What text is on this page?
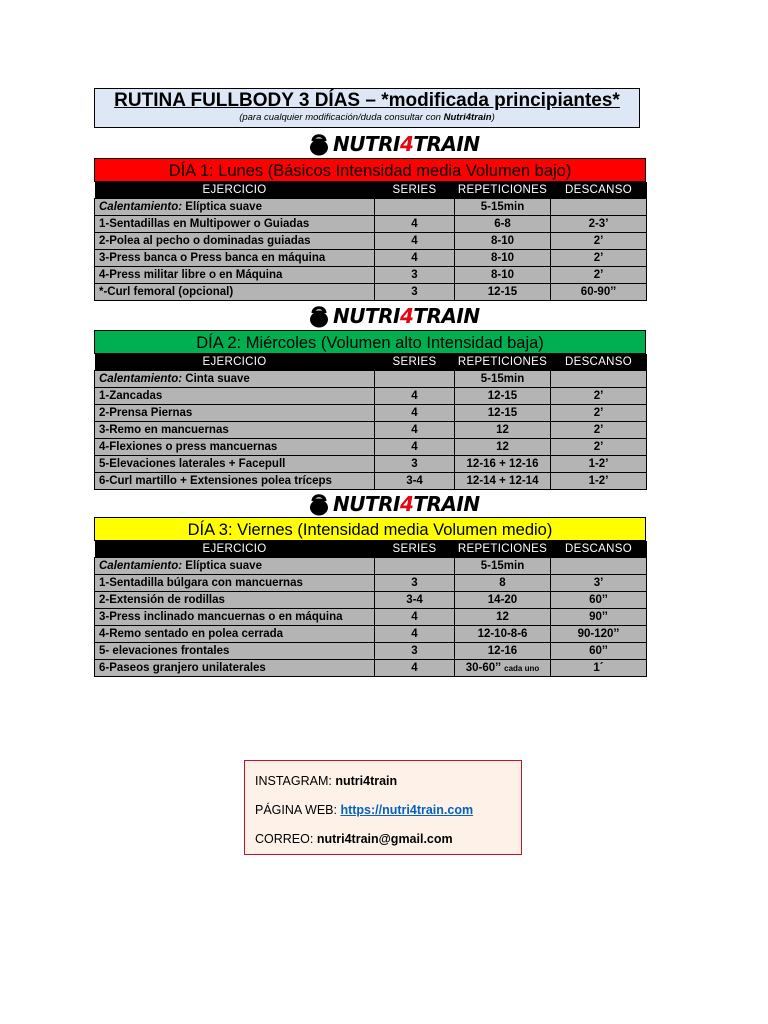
RUTINA FULLBODY 3 DÍAS – *modificada principiantes*
(para cualquier modificación/duda consultar con Nutri4train)
NUTRI4TRAIN
NUTRI4TRAIN
NUTRI4TRAIN
DÍA 1: Lunes (Básicos Intensidad media Volumen bajo)
EJERCICIO	SERIES	REPETICIONES	DESCANSO
Calentamiento: Elíptica suave		5-15min	
1-Sentadillas en Multipower o Guiadas	4	6-8	2-3’
2-Polea al pecho o dominadas guiadas	4	8-10	2’
3-Press banca o Press banca en máquina	4	8-10	2’
4-Press militar libre o en Máquina	3	8-10	2’
*-Curl femoral (opcional)	3	12-15	60-90’’
DÍA 2: Miércoles (Volumen alto Intensidad baja)
EJERCICIO	SERIES	REPETICIONES	DESCANSO
Calentamiento: Cinta suave		5-15min	
1-Zancadas	4	12-15	2’
2-Prensa Piernas	4	12-15	2’
3-Remo en mancuernas	4	12	2’
4-Flexiones o press mancuernas	4	12	2’
5-Elevaciones laterales + Facepull	3	12-16 + 12-16	1-2’
6-Curl martillo + Extensiones polea tríceps	3-4	12-14 + 12-14	1-2’
DÍA 3: Viernes (Intensidad media Volumen medio)
EJERCICIO	SERIES	REPETICIONES	DESCANSO
Calentamiento: Elíptica suave		5-15min	
1-Sentadilla búlgara con mancuernas	3	8	3’
2-Extensión de rodillas	3-4	14-20	60’’
3-Press inclinado mancuernas o en máquina	4	12	90’’
4-Remo sentado en polea cerrada	4	12-10-8-6	90-120’’
5- elevaciones frontales	3	12-16	60’’
6-Paseos granjero unilaterales	4	30-60’’ cada uno	1´
INSTAGRAM: nutri4train
PÁGINA WEB: https://nutri4train.com
CORREO: nutri4train@gmail.com
